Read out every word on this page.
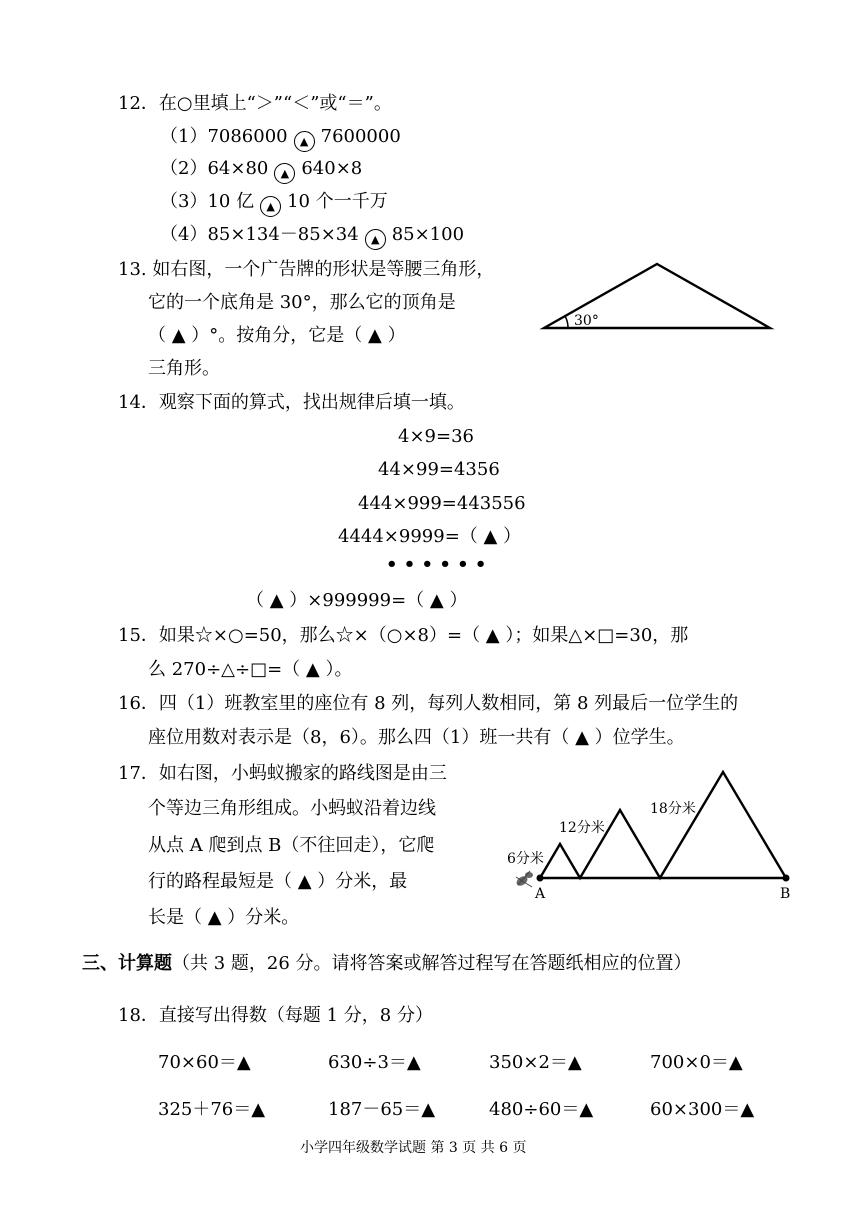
12．在○里填上“＞”“＜”或“＝”。
（1）7086000 ▲ 7600000
（2）64×80 ▲ 640×8
（3）10 亿 ▲ 10 个一千万
（4）85×134－85×34 ▲ 85×100
13. 如右图，一个广告牌的形状是等腰三角形，
它的一个底角是 30°，那么它的顶角是
（ ▲ ）°。按角分，它是（ ▲ ）
三角形。
30°
14．观察下面的算式，找出规律后填一填。
4×9=36
44×99=4356
444×999=443556
4444×9999=（ ▲ ）
• • • • • •
（ ▲ ）×999999=（ ▲ ）
15．如果☆×○=50，那么☆×（○×8）=（ ▲ ）；如果△×□=30，那
么 270÷△÷□=（ ▲ ）。
16．四（1）班教室里的座位有 8 列，每列人数相同，第 8 列最后一位学生的
座位用数对表示是（8，6）。那么四（1）班一共有（ ▲ ）位学生。
17．如右图，小蚂蚁搬家的路线图是由三
个等边三角形组成。小蚂蚁沿着边线
从点 A 爬到点 B（不往回走），它爬
行的路程最短是（ ▲ ）分米，最
长是（ ▲ ）分米。
6分米
12分米
18分米
A	B
三、计算题（共 3 题，26 分。请将答案或解答过程写在答题纸相应的位置）
18．直接写出得数（每题 1 分，8 分）
70×60＝▲	630÷3＝▲	350×2＝▲	700×0＝▲
325＋76＝▲	187－65＝▲	480÷60＝▲	60×300＝▲
小学四年级数学试题 第 3 页 共 6 页
